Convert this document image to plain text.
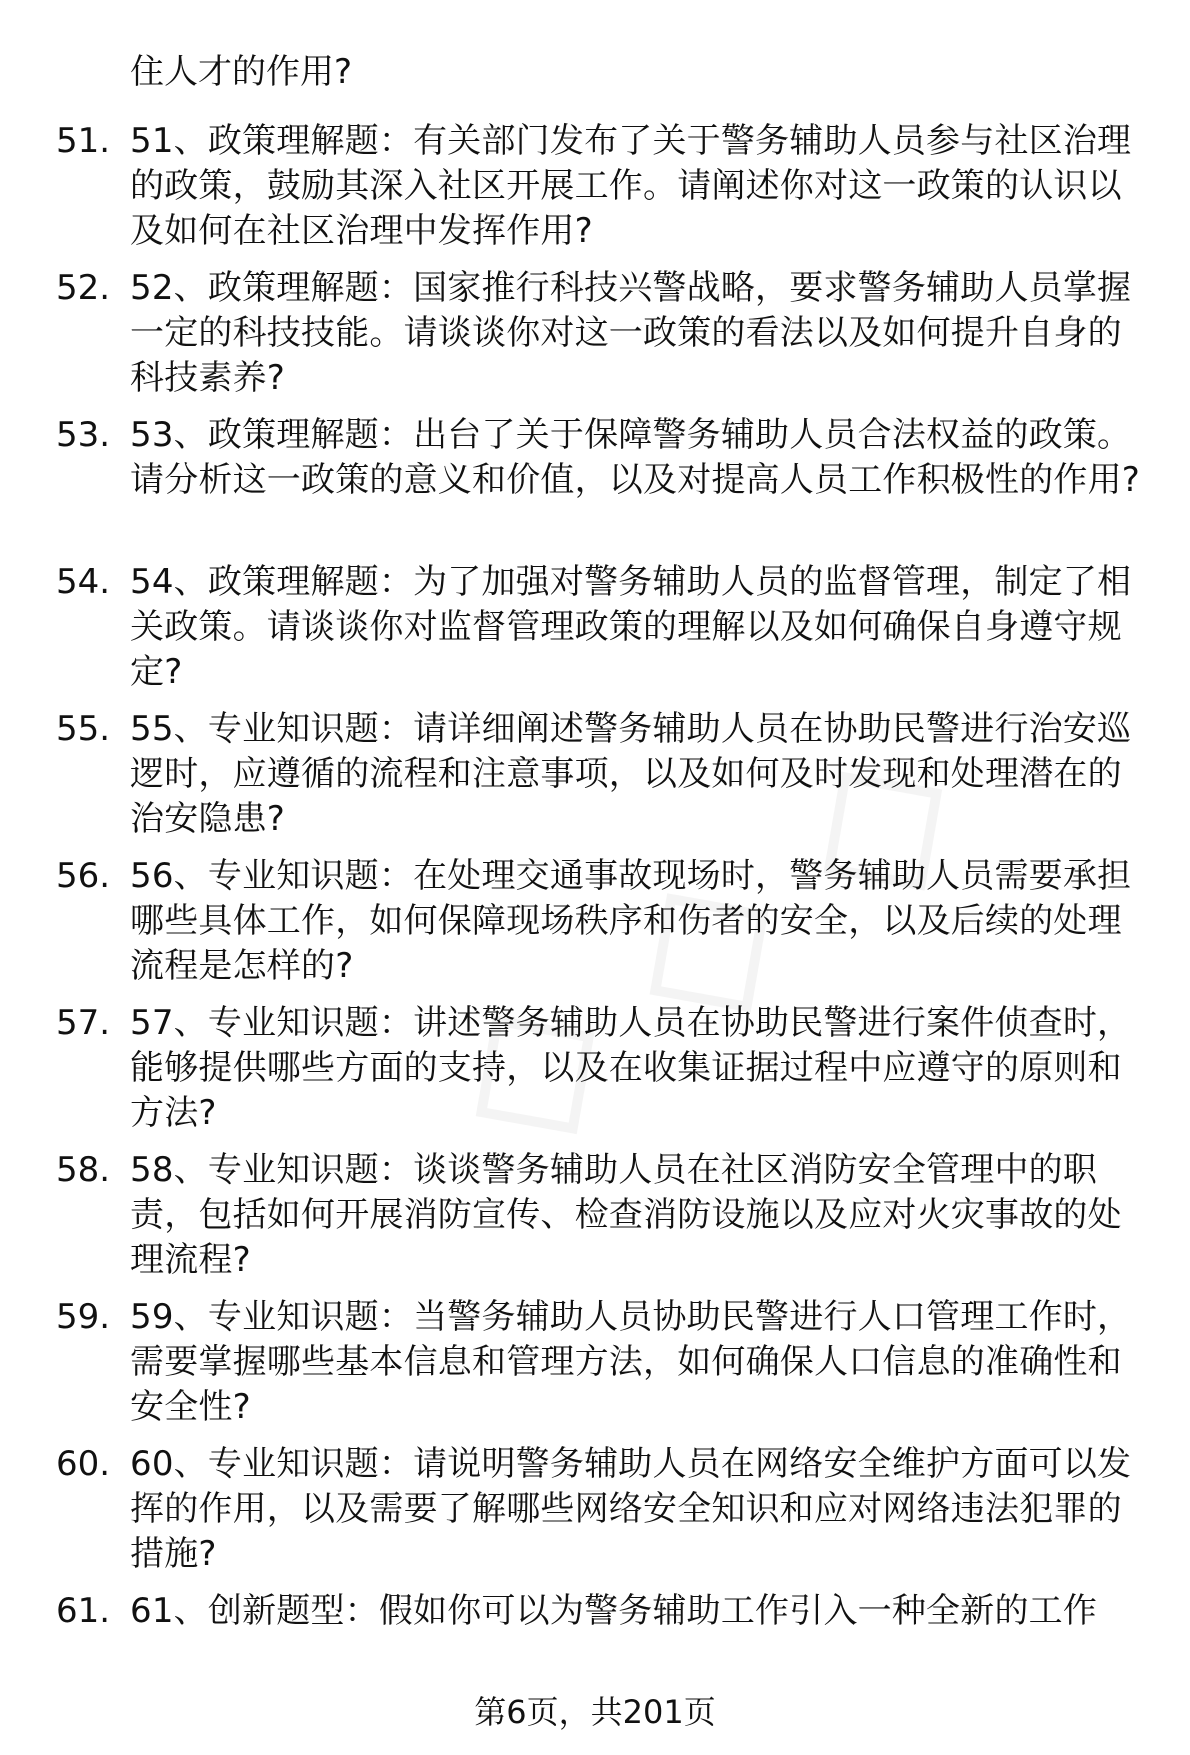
住人才的作用?
51. 51、政策理解题：有关部门发布了关于警务辅助人员参与社区治理的政策，鼓励其深入社区开展工作。请阐述你对这一政策的认识以及如何在社区治理中发挥作用?
52. 52、政策理解题：国家推行科技兴警战略，要求警务辅助人员掌握一定的科技技能。请谈谈你对这一政策的看法以及如何提升自身的科技素养?
53. 53、政策理解题：出台了关于保障警务辅助人员合法权益的政策。请分析这一政策的意义和价值，以及对提高人员工作积极性的作用?
54. 54、政策理解题：为了加强对警务辅助人员的监督管理，制定了相关政策。请谈谈你对监督管理政策的理解以及如何确保自身遵守规定?
55. 55、专业知识题：请详细阐述警务辅助人员在协助民警进行治安巡逻时，应遵循的流程和注意事项，以及如何及时发现和处理潜在的治安隐患?
56. 56、专业知识题：在处理交通事故现场时，警务辅助人员需要承担哪些具体工作，如何保障现场秩序和伤者的安全，以及后续的处理流程是怎样的?
57. 57、专业知识题：讲述警务辅助人员在协助民警进行案件侦查时，能够提供哪些方面的支持，以及在收集证据过程中应遵守的原则和方法?
58. 58、专业知识题：谈谈警务辅助人员在社区消防安全管理中的职责，包括如何开展消防宣传、检查消防设施以及应对火灾事故的处理流程?
59. 59、专业知识题：当警务辅助人员协助民警进行人口管理工作时，需要掌握哪些基本信息和管理方法，如何确保人口信息的准确性和安全性?
60. 60、专业知识题：请说明警务辅助人员在网络安全维护方面可以发挥的作用，以及需要了解哪些网络安全知识和应对网络违法犯罪的措施?
61. 61、创新题型：假如你可以为警务辅助工作引入一种全新的工作
第6页，共201页
